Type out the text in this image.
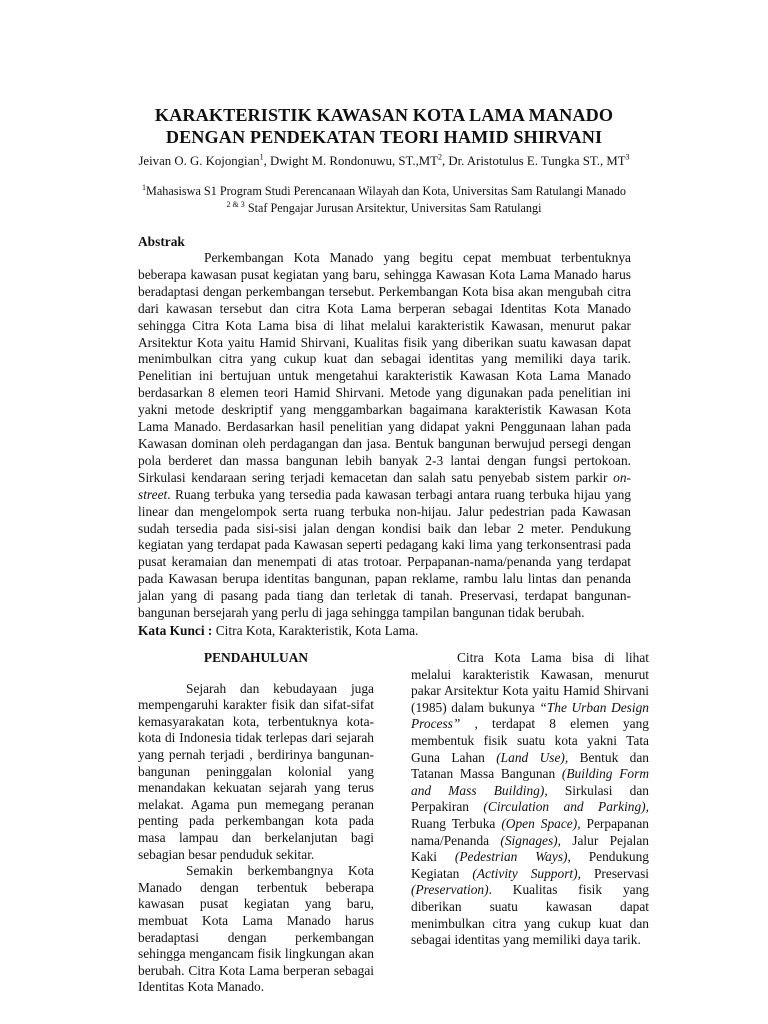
KARAKTERISTIK KAWASAN KOTA LAMA MANADO
DENGAN PENDEKATAN TEORI HAMID SHIRVANI
Jeivan O. G. Kojongian$^1$, Dwight M. Rondonuwu, $ST.,MT^2$, Dr. Aristotulus E. Tungka ST., $MT^3$
$^1$Mahasiswa S1 Program Studi Perencanaan Wilayah dan Kota, Universitas Sam Ratulangi Manado
$^{2 \& 3}$ Staf Pengajar Jurusan Arsitektur, Universitas Sam Ratulangi
Abstrak

Perkembangan Kota Manado yang begitu cepat membuat terbentuknya beberapa kawasan pusat kegiatan yang baru, sehingga Kawasan Kota Lama Manado harus beradaptasi dengan perkembangan tersebut. Perkembangan Kota bisa akan mengubah citra dari kawasan tersebut dan citra Kota Lama berperan sebagai Identitas Kota Manado sehingga Citra Kota Lama bisa di lihat melalui karakteristik Kawasan, menurut pakar Arsitektur Kota yaitu Hamid Shirvani, Kualitas fisik yang diberikan suatu kawasan dapat menimbulkan citra yang cukup kuat dan sebagai identitas yang memiliki daya tarik. Penelitian ini bertujuan untuk mengetahui karakteristik Kawasan Kota Lama Manado berdasarkan 8 elemen teori Hamid Shirvani. Metode yang digunakan pada penelitian ini yakni metode deskriptif yang menggambarkan bagaimana karakteristik Kawasan Kota Lama Manado. Berdasarkan hasil penelitian yang didapat yakni Penggunaan lahan pada Kawasan dominan oleh perdagangan dan jasa. Bentuk bangunan berwujud persegi dengan pola berderet dan massa bangunan lebih banyak 2-3 lantai dengan fungsi pertokoan. Sirkulasi kendaraan sering terjadi kemacetan dan salah satu penyebab sistem parkir on-street. Ruang terbuka yang tersedia pada kawasan terbagi antara ruang terbuka hijau yang linear dan mengelompok serta ruang terbuka non-hijau. Jalur pedestrian pada Kawasan sudah tersedia pada sisi-sisi jalan dengan kondisi baik dan lebar 2 meter. Pendukung kegiatan yang terdapat pada Kawasan seperti pedagang kaki lima yang terkonsentrasi pada pusat keramaian dan menempati di atas trotoar. Perpapanan-nama/penanda yang terdapat pada Kawasan berupa identitas bangunan, papan reklame, rambu lalu lintas dan penanda jalan yang di pasang pada tiang dan terletak di tanah. Preservasi, terdapat bangunan-bangunan bersejarah yang perlu di jaga sehingga tampilan bangunan tidak berubah.

Kata Kunci : Citra Kota, Karakteristik, Kota Lama.

PENDAHULUAN

Sejarah dan kebudayaan juga mempengaruhi karakter fisik dan sifat-sifat kemasyarakatan kota, terbentuknya kota-kota di Indonesia tidak terlepas dari sejarah yang pernah terjadi , berdirinya bangunan-bangunan peninggalan kolonial yang menandakan kekuatan sejarah yang terus melakat. Agama pun memegang peranan penting pada perkembangan kota pada masa lampau dan berkelanjutan bagi sebagian besar penduduk sekitar.

Semakin berkembangnya Kota Manado dengan terbentuk beberapa kawasan pusat kegiatan yang baru, membuat Kota Lama Manado harus beradaptasi dengan perkembangan sehingga mengancam fisik lingkungan akan berubah. Citra Kota Lama berperan sebagai Identitas Kota Manado.

Citra Kota Lama bisa di lihat melalui karakteristik Kawasan, menurut pakar Arsitektur Kota yaitu Hamid Shirvani (1985) dalam bukunya “The Urban Design Process” , terdapat 8 elemen yang membentuk fisik suatu kota yakni Tata Guna Lahan (Land Use), Bentuk dan Tatanan Massa Bangunan (Building Form and Mass Building), Sirkulasi dan Perpakiran (Circulation and Parking), Ruang Terbuka (Open Space), Perpapanan nama/Penanda (Signages), Jalur Pejalan Kaki (Pedestrian Ways), Pendukung Kegiatan (Activity Support), Preservasi (Preservation). Kualitas fisik yang diberikan suatu kawasan dapat menimbulkan citra yang cukup kuat dan sebagai identitas yang memiliki daya tarik.
